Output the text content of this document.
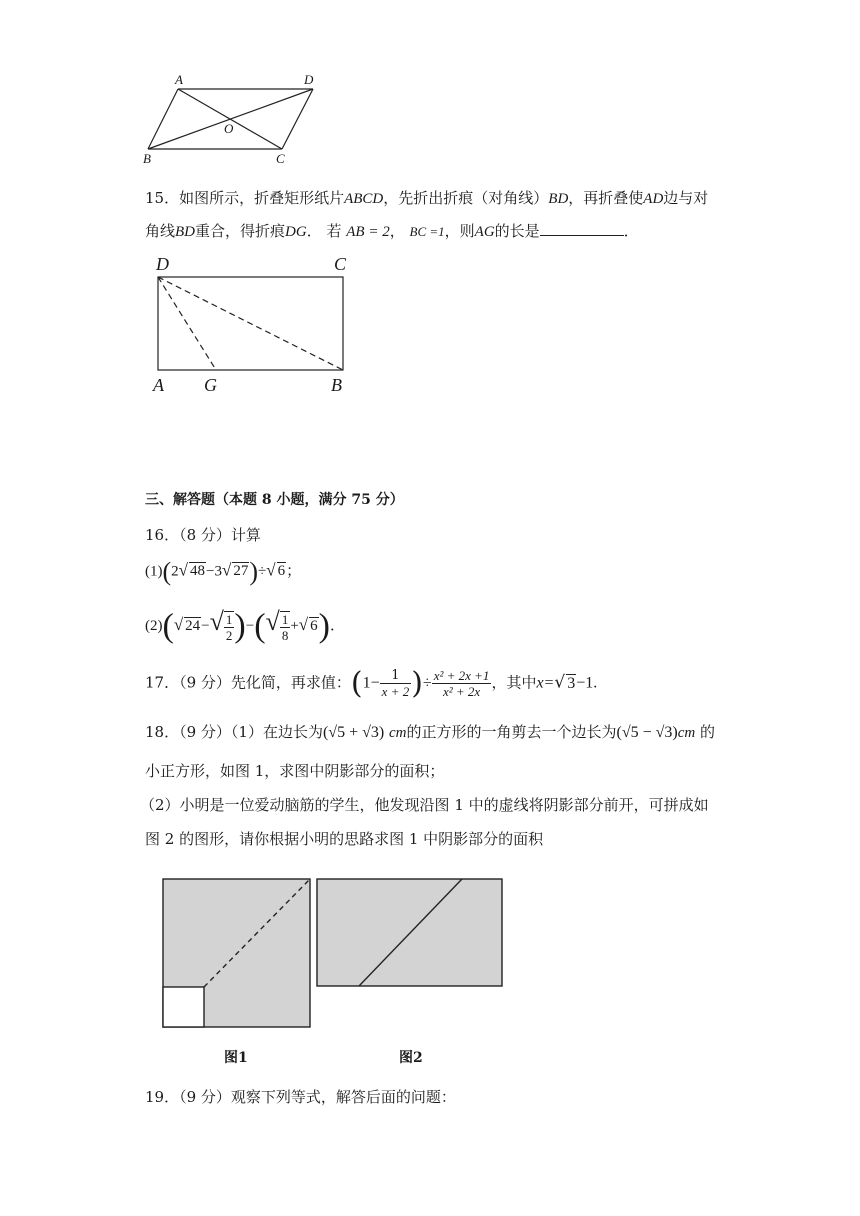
A	D
O
B	C
15．如图所示，折叠矩形纸片ABCD，先折出折痕（对角线）BD，再折叠使AD边与对
角线BD重合，得折痕DG． 若 AB = 2， BC =1，则AG的长是	．
D	C
A G	B
三、解答题（本题 8 小题，满分 75 分）
16．（8 分）计算
(1)(2√ 48−3√ 27)÷√ 6；
(2)(√ $24-√ \frac{1}{2}$ )−(√ $\frac{1}{8}$ +√ 6)．
17．（9 分）先化简，再求值：($1- \frac{1}{x + 2}$ )÷ $\frac{\text{x² + 2x +1}}{\text{x² + 2x}}$ ，其中x=√ 3−1.
18．（9 分）（1）在边长为(√5 + √3) cm的正方形的一角剪去一个边长为(√5 − √3)cm 的
小正方形，如图 1，求图中阴影部分的面积；
（2）小明是一位爱动脑筋的学生，他发现沿图 1 中的虚线将阴影部分前开，可拼成如
图 2 的图形，请你根据小明的思路求图 1 中阴影部分的面积
图1	图2
19．（9 分）观察下列等式，解答后面的问题：
